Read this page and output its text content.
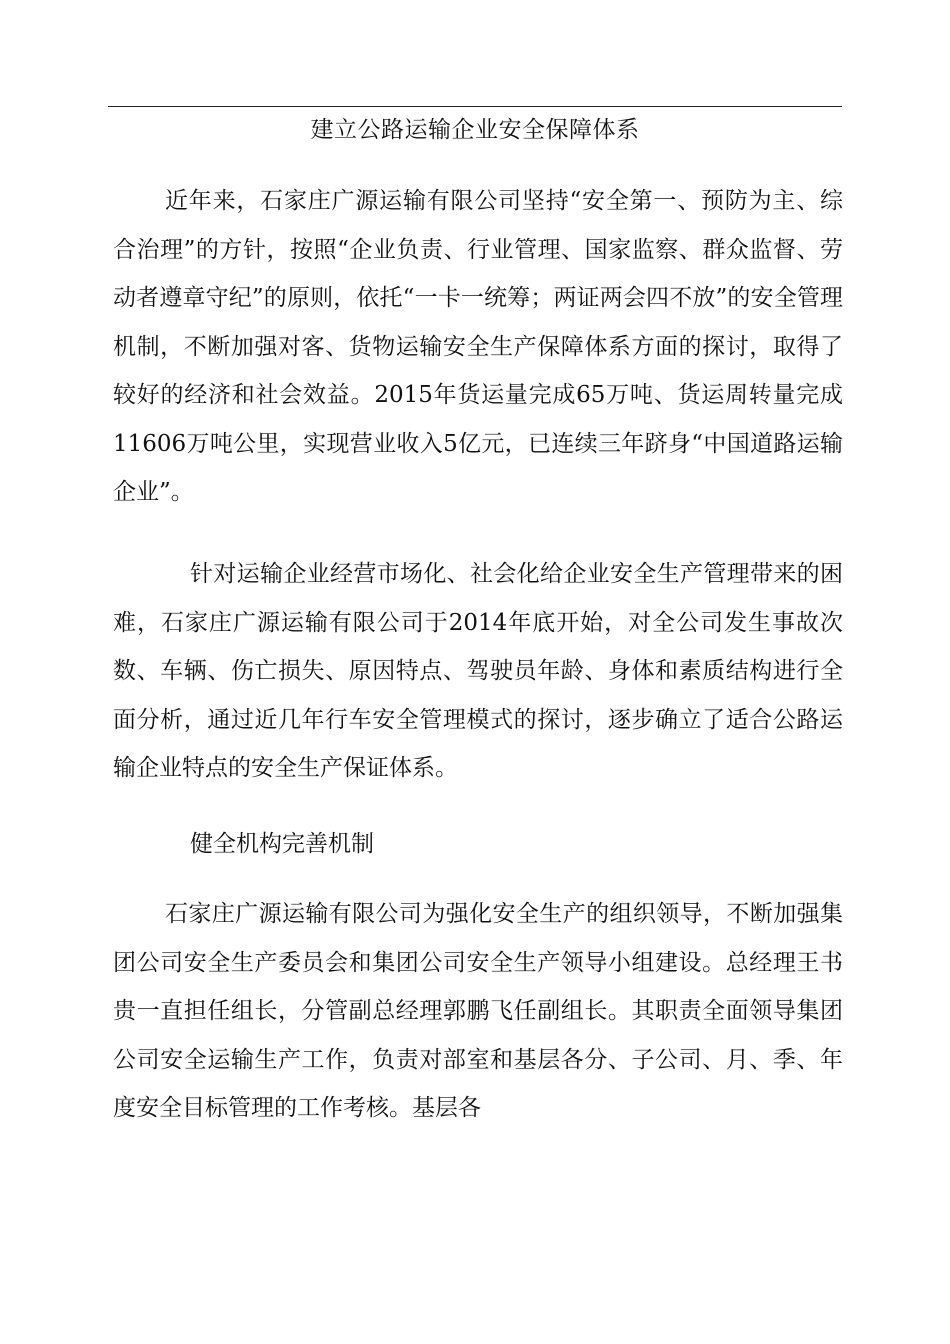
建立公路运输企业安全保障体系

近年来，石家庄广源运输有限公司坚持“安全第一、预防为主、综合治理”的方针，按照“企业负责、行业管理、国家监察、群众监督、劳动者遵章守纪”的原则，依托“一卡一统筹；两证两会四不放”的安全管理机制，不断加强对客、货物运输安全生产保障体系方面的探讨，取得了较好的经济和社会效益。2015年货运量完成65万吨、货运周转量完成11606万吨公里，实现营业收入5亿元，已连续三年跻身“中国道路运输企业”。

针对运输企业经营市场化、社会化给企业安全生产管理带来的困难，石家庄广源运输有限公司于2014年底开始，对全公司发生事故次数、车辆、伤亡损失、原因特点、驾驶员年龄、身体和素质结构进行全面分析，通过近几年行车安全管理模式的探讨，逐步确立了适合公路运输企业特点的安全生产保证体系。

健全机构完善机制

石家庄广源运输有限公司为强化安全生产的组织领导，不断加强集团公司安全生产委员会和集团公司安全生产领导小组建设。总经理王书贵一直担任组长，分管副总经理郭鹏飞任副组长。其职责全面领导集团公司安全运输生产工作，负责对部室和基层各分、子公司、月、季、年度安全目标管理的工作考核。基层各
